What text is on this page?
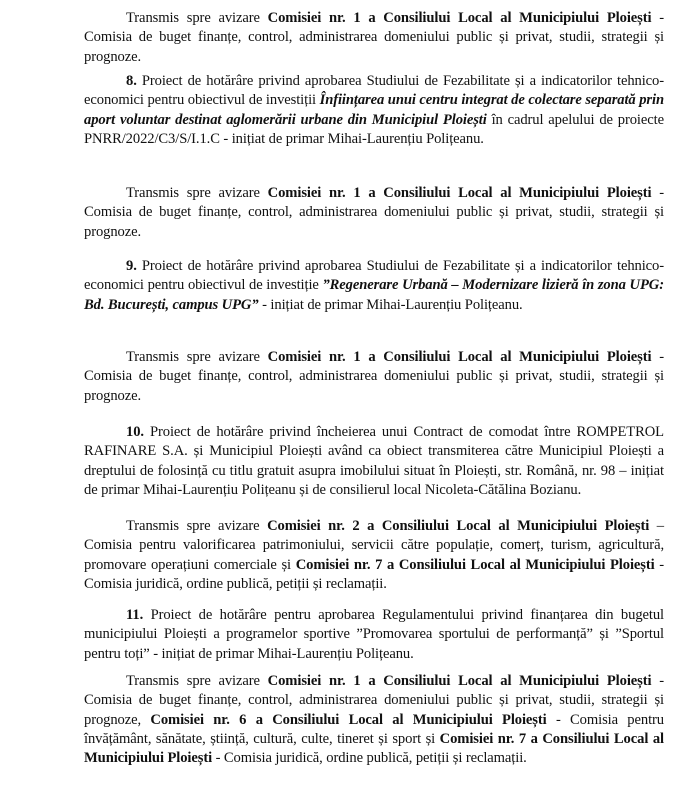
Transmis spre avizare Comisiei nr. 1 a Consiliului Local al Municipiului Ploiești - Comisia de buget finanțe, control, administrarea domeniului public și privat, studii, strategii și prognoze.

8. Proiect de hotărâre privind aprobarea Studiului de Fezabilitate și a indicatorilor tehnico-economici pentru obiectivul de investiții Înființarea unui centru integrat de colectare separată prin aport voluntar destinat aglomerării urbane din Municipiul Ploiești în cadrul apelului de proiecte PNRR/2022/C3/S/I.1.C - inițiat de primar Mihai-Laurențiu Polițeanu.

Transmis spre avizare Comisiei nr. 1 a Consiliului Local al Municipiului Ploiești - Comisia de buget finanțe, control, administrarea domeniului public și privat, studii, strategii și prognoze.

9. Proiect de hotărâre privind aprobarea Studiului de Fezabilitate și a indicatorilor tehnico-economici pentru obiectivul de investiție ”Regenerare Urbană – Modernizare lizieră în zona UPG: Bd. București, campus UPG” - inițiat de primar Mihai-Laurențiu Polițeanu.

Transmis spre avizare Comisiei nr. 1 a Consiliului Local al Municipiului Ploiești - Comisia de buget finanțe, control, administrarea domeniului public și privat, studii, strategii și prognoze.

10. Proiect de hotărâre privind încheierea unui Contract de comodat între ROMPETROL RAFINARE S.A. și Municipiul Ploiești având ca obiect transmiterea către Municipiul Ploiești a dreptului de folosință cu titlu gratuit asupra imobilului situat în Ploiești, str. Română, nr. 98 – inițiat de primar Mihai-Laurențiu Polițeanu și de consilierul local Nicoleta-Cătălina Bozianu.

Transmis spre avizare Comisiei nr. 2 a Consiliului Local al Municipiului Ploiești – Comisia pentru valorificarea patrimoniului, servicii către populație, comerț, turism, agricultură, promovare operațiuni comerciale și Comisiei nr. 7 a Consiliului Local al Municipiului Ploiești - Comisia juridică, ordine publică, petiții și reclamații.

11. Proiect de hotărâre pentru aprobarea Regulamentului privind finanțarea din bugetul municipiului Ploiești a programelor sportive ”Promovarea sportului de performanță” și ”Sportul pentru toți” - inițiat de primar Mihai-Laurențiu Polițeanu.

Transmis spre avizare Comisiei nr. 1 a Consiliului Local al Municipiului Ploiești - Comisia de buget finanțe, control, administrarea domeniului public și privat, studii, strategii și prognoze, Comisiei nr. 6 a Consiliului Local al Municipiului Ploiești - Comisia pentru învățământ, sănătate, știință, cultură, culte, tineret și sport și Comisiei nr. 7 a Consiliului Local al Municipiului Ploiești - Comisia juridică, ordine publică, petiții și reclamații.
